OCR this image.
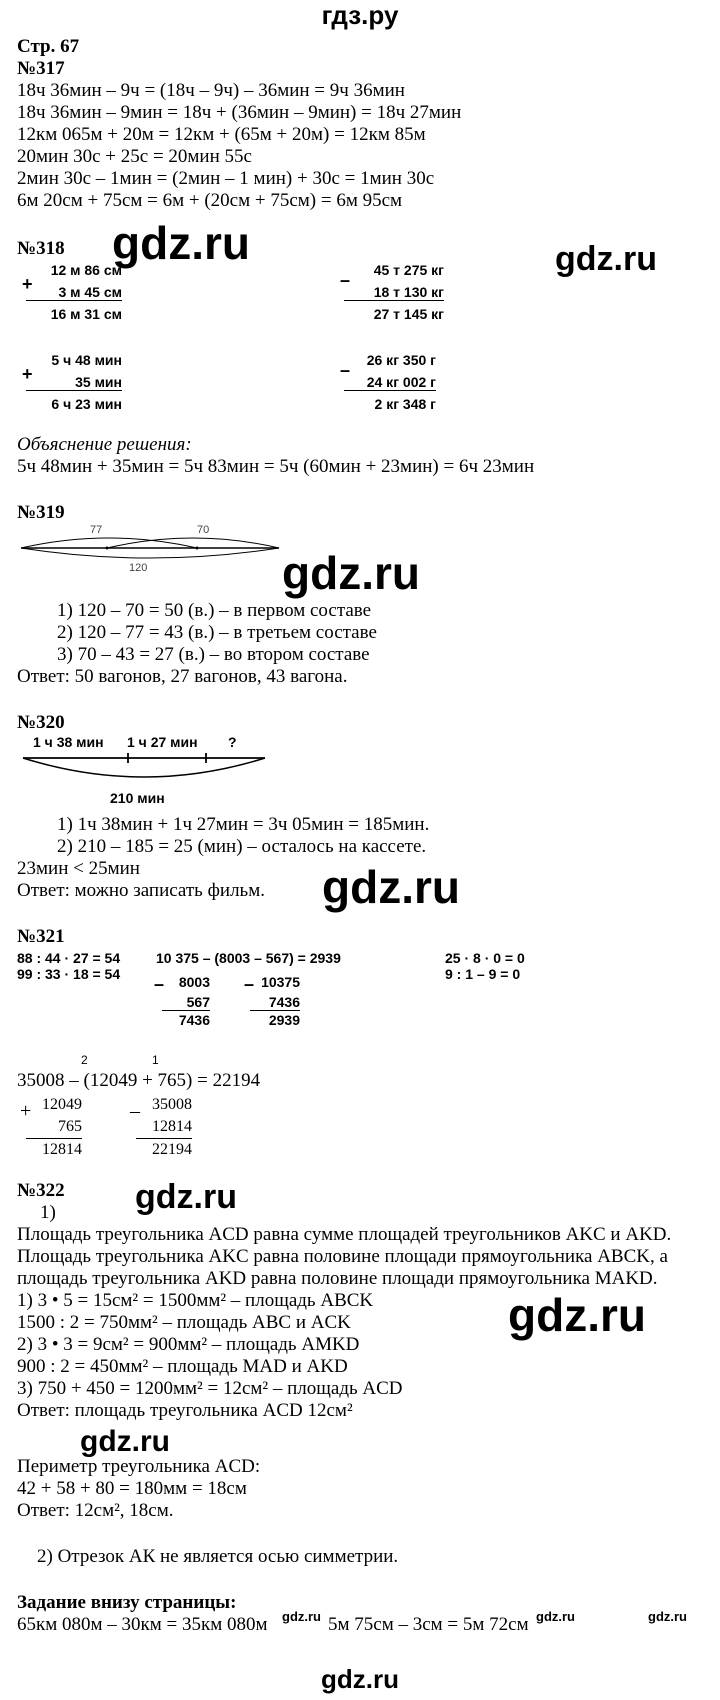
гдз.ру
Стр. 67
№317
18ч 36мин – 9ч = (18ч – 9ч) – 36мин = 9ч 36мин
18ч 36мин – 9мин = 18ч + (36мин – 9мин) = 18ч 27мин
12км 065м + 20м = 12км + (65м + 20м) = 12км 85м
20мин 30с + 25с = 20мин 55с
2мин 30с – 1мин = (2мин – 1 мин) + 30с = 1мин 30с
6м 20см + 75см = 6м + (20см + 75см) = 6м 95см
№318 gdz.ru	gdz.ru
+
12 м 86 см
3 м 45 см
16 м 31 см
–	45 т 275 кг
18 т 130 кг
27 т 145 кг
+
5 ч 48 мин
35 мин
6 ч 23 мин
–	26 кг 350 г
24 кг 002 г
2 кг 348 г
Объяснение решения:
5ч 48мин + 35мин = 5ч 83мин = 5ч (60мин + 23мин) = 6ч 23мин
№319
77	70
120	gdz.ru
1) 120 – 70 = 50 (в.) – в первом составе
2) 120 – 77 = 43 (в.) – в третьем составе
3) 70 – 43 = 27 (в.) – во втором составе
Ответ: 50 вагонов, 27 вагонов, 43 вагона.
№320
1 ч 38 мин 1 ч 27 мин ?
210 мин
1) 1ч 38мин + 1ч 27мин = 3ч 05мин = 185мин.
2) 210 – 185 = 25 (мин) – осталось на кассете.
23мин < 25мин
Ответ: можно записать фильм. gdz.ru
№321
88 : 44 · 27 = 54
99 : 33 · 18 = 54
10 375 – (8003 – 567) = 2939	25 · 8 · 0 = 0
9 : 1 – 9 = 0
–	8003
567
7436
– 10375
7436
2939
2	1
35008 – (12049 + 765) = 22194
+ 12049
765
12814
– 35008
12814
22194
№322 gdz.ru
1)
Площадь треугольника ACD равна сумме площадей треугольников AKC и AKD.
Площадь треугольника AKC равна половине площади прямоугольника ABCK, а
площадь треугольника AKD равна половине площади прямоугольника MAKD.
1) 3 • 5 = 15см² = 1500мм² – площадь ABCK
1500 : 2 = 750мм² – площадь ABC и ACK
2) 3 • 3 = 9см² = 900мм² – площадь AMKD
900 : 2 = 450мм² – площадь MAD и AKD
3) 750 + 450 = 1200мм² = 12см² – площадь ACD
Ответ: площадь треугольника ACD 12см²
gdz.ru
gdz.ru
Периметр треугольника ACD:
42 + 58 + 80 = 180мм = 18см
Ответ: 12см², 18см.
2) Отрезок АК не является осью симметрии.
Задание внизу страницы:
65км 080м – 30км = 35км 080м gdz.ru 5м 75см – 3см = 5м 72см gdz.ru	gdz.ru
gdz.ru
